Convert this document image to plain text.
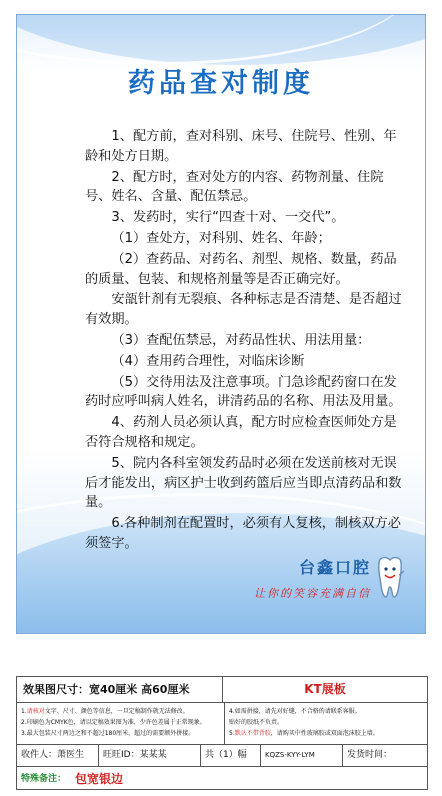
药品查对制度
1、配方前，查对科别、床号、住院号、性别、年龄和处方日期。
2、配方时，查对处方的内容、药物剂量、住院号、姓名、含量、配伍禁忌。
3、发药时，实行“四查十对、一交代”。
（1）查处方，对科别、姓名、年龄；
（2）查药品、对药名、剂型、规格、数量，药品的质量、包装、和规格剂量等是否正确完好。
安瓿针剂有无裂痕、各种标志是否清楚、是否超过有效期。
（3）查配伍禁忌，对药品性状、用法用量：
（4）查用药合理性，对临床诊断
（5）交待用法及注意事项。门急诊配药窗口在发药时应呼叫病人姓名，讲清药品的名称、用法及用量。
4、药剂人员必须认真，配方时应检查医师处方是否符合规格和规定。
5、院内各科室领发药品时必须在发送前核对无误后才能发出，病区护士收到药篮后应当即点清药品和数量。
6.各种制剂在配置时，必须有人复核，制核双方必须签字。
台鑫口腔
让你的笑容充满自信
效果图尺寸：宽40厘米 高60厘米	KT展板
1.请核对文字、尺寸、颜色等信息，一旦定稿制作就无法修改。
2.印刷色为CMYK色，请以定稿效果图为准，少许色差属于正常现象。
3.最大包装尺寸两边之和不超过180厘米，超过的需要额外拼接。
4.如需拼接，请先对好缝，不合格的请联系客服。
贴好的胶纸不负责。
5.默认不带背胶，请购买中性玻璃胶或双面泡沫胶上墙。
收件人：萧医生	旺旺ID：某某某	共（1）幅	KQZS-KYY-LYM	发货时间：
特殊备注： 包宽银边
